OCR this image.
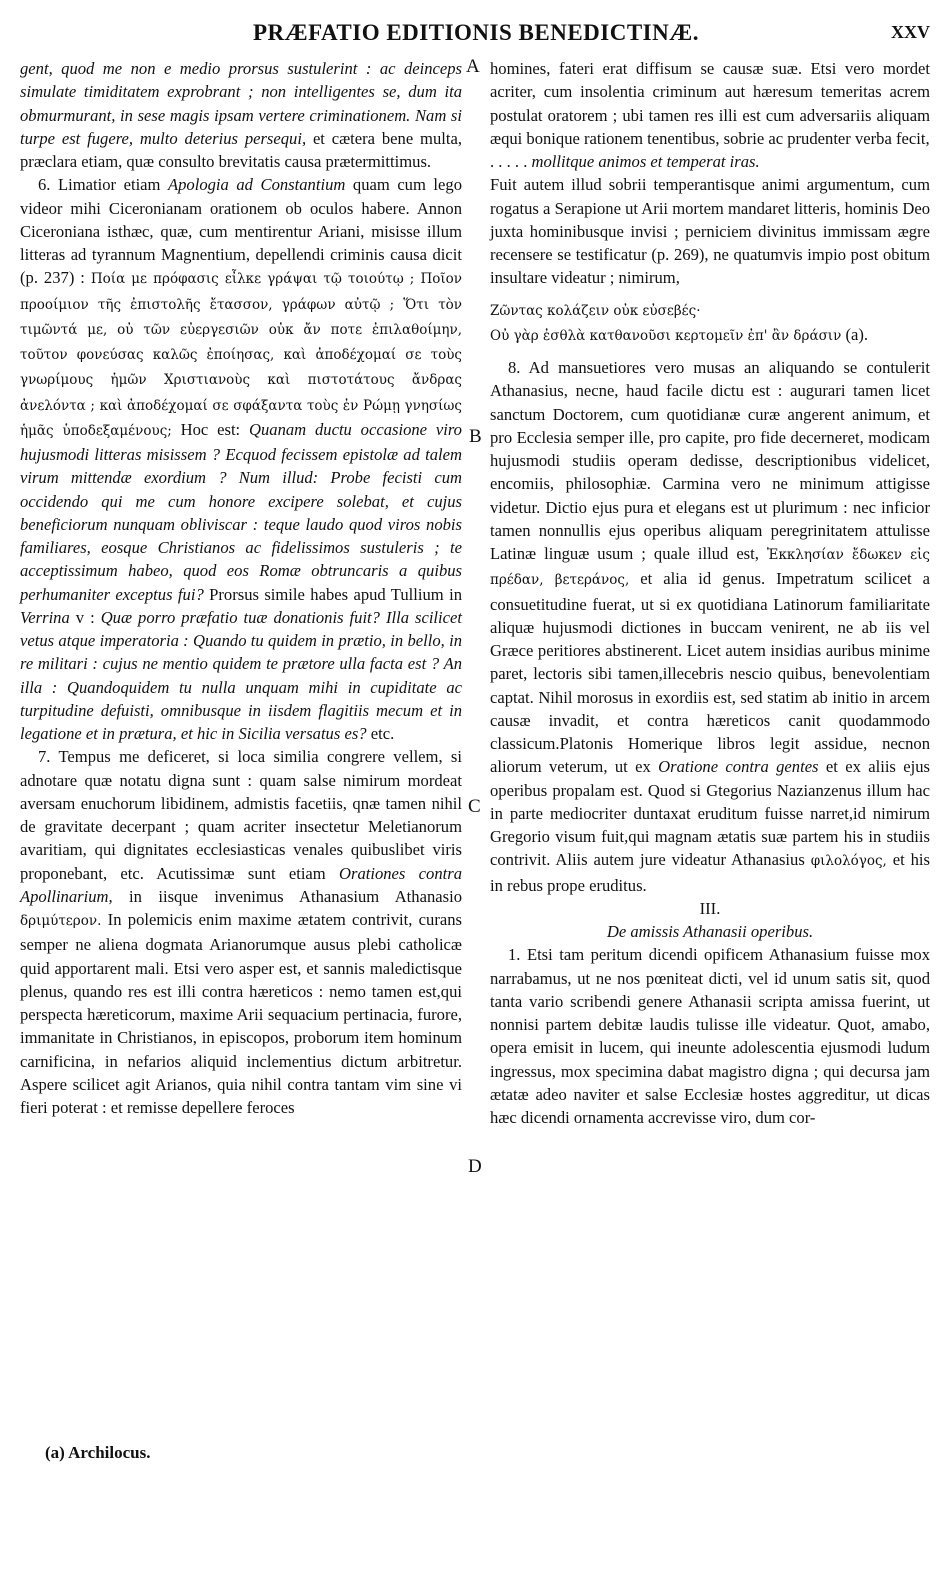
PRÆFATIO EDITIONIS BENEDICTINÆ.	XXV

gent, quod me non e medio prorsus sustulerint : ac deinceps simulate timiditatem exprobrant ; non intelligentes se, dum ita obmurmurant, in sese magis ipsam vertere criminationem. Nam si turpe est fugere, multo deterius persequi, et cætera bene multa, præclara etiam, quæ consulto brevitatis causa prætermittimus.

6. Limatior etiam Apologia ad Constantium quam cum lego videor mihi Ciceronianam orationem ob oculos habere. Annon Ciceroniana isthæc, quæ, cum mentirentur Ariani, misisse illum litteras ad tyrannum Magnentium, depellendi criminis causa dicit (p. 237) : Ποία με πρόφασις εἶλκε γράψαι τῷ τοιούτῳ ; Ποῖον προοίμιον τῆς ἐπιστολῆς ἔτασσον, γράφων αὐτῷ ; Ὅτι τὸν τιμῶντά με, οὐ τῶν εὐεργεσιῶν οὐκ ἄν ποτε ἐπιλαθοίμην, τοῦτον φονεύσας καλῶς ἐποίησας, καὶ ἀποδέχομαί σε τοὺς γνωρίμους ἡμῶν Χριστιανοὺς καὶ πιστοτάτους ἄνδρας ἀνελόντα ; καὶ ἀποδέχομαί σε σφάξαντα τοὺς ἐν Ρώμῃ γνησίως ἡμᾶς ὑποδεξαμένους; Hoc est: Quanam ductu occasione viro hujusmodi litteras misissem ? Ecquod fecissem epistolæ ad talem virum mittendæ exordium ? Num illud: Probe fecisti cum occidendo qui me cum honore excipere solebat, et cujus beneficiorum nunquam obliviscar : teque laudo quod viros nobis familiares, eosque Christianos ac fidelissimos sustuleris ; te acceptissimum habeo, quod eos Romæ obtruncaris a quibus perhumaniter exceptus fui? Prorsus simile habes apud Tullium in Verrina v : Quæ porro præfatio tuæ donationis fuit? Illa scilicet vetus atque imperatoria : Quando tu quidem in prætio, in bello, in re militari : cujus ne mentio quidem te prætore ulla facta est ? An illa : Quandoquidem tu nulla unquam mihi in cupiditate ac turpitudine defuisti, omnibusque in iisdem flagitiis mecum et in legatione et in prætura, et hic in Sicilia versatus es? etc.

7. Tempus me deficeret, si loca similia congrere vellem, si adnotare quæ notatu digna sunt : quam salse nimirum mordeat aversam enuchorum libidinem, admistis facetiis, qnæ tamen nihil de gravitate decerpant ; quam acriter insectetur Meletianorum avaritiam, qui dignitates ecclesiasticas venales quibuslibet viris proponebant, etc. Acutissimæ sunt etiam Orationes contra Apollinarium, in iisque invenimus Athanasium Athanasio δριμύτερον. In polemicis enim maxime ætatem contrivit, curans semper ne aliena dogmata Arianorumque ausus plebi catholicæ quid apportarent mali. Etsi vero asper est, et sannis maledictisque plenus, quando res est illi contra hæreticos : nemo tamen est,qui perspecta hæreticorum, maxime Arii sequacium pertinacia, furore, immanitate in Christianos, in episcopos, proborum item hominum carnificina, in nefarios aliquid inclementius dictum arbitretur. Aspere scilicet agit Arianos, quia nihil contra tantam vim sine vi fieri poterat : et remisse depellere feroces

A
B
C
D

homines, fateri erat diffisum se causæ suæ. Etsi vero mordet acriter, cum insolentia criminum aut hæresum temeritas acrem postulat oratorem ; ubi tamen res illi est cum adversariis aliquam æqui bonique rationem tenentibus, sobrie ac prudenter verba fecit,

. . . . . mollitque animos et temperat iras.

Fuit autem illud sobrii temperantisque animi argumentum, cum rogatus a Serapione ut Arii mortem mandaret litteris, hominis Deo juxta hominibusque invisi ; perniciem divinitus immissam ægre recensere se testificatur (p. 269), ne quatumvis impio post obitum insultare videatur ; nimirum,

Ζῶντας κολάζειν οὐκ εὐσεβές·

Οὐ γὰρ ἐσθλὰ κατθανοῦσι κερτομεῖν ἐπ' ἂν δράσιν (a).

8. Ad mansuetiores vero musas an aliquando se contulerit Athanasius, necne, haud facile dictu est : augurari tamen licet sanctum Doctorem, cum quotidianæ curæ angerent animum, et pro Ecclesia semper ille, pro capite, pro fide decerneret, modicam hujusmodi studiis operam dedisse, descriptionibus videlicet, encomiis, philosophiæ. Carmina vero ne minimum attigisse videtur. Dictio ejus pura et elegans est ut plurimum : nec inficior tamen nonnullis ejus operibus aliquam peregrinitatem attulisse Latinæ linguæ usum ; quale illud est, Ἐκκλησίαν ἔδωκεν εἰς πρέδαν, βετεράνος, et alia id genus. Impetratum scilicet a consuetitudine fuerat, ut si ex quotidiana Latinorum familiaritate aliquæ hujusmodi dictiones in buccam venirent, ne ab iis vel Græce peritiores abstinerent. Licet autem insidias auribus minime paret, lectoris sibi tamen,illecebris nescio quibus, benevolentiam captat. Nihil morosus in exordiis est, sed statim ab initio in arcem causæ invadit, et contra hæreticos canit quodammodo classicum.Platonis Homerique libros legit assidue, necnon aliorum veterum, ut ex Oratione contra gentes et ex aliis ejus operibus propalam est. Quod si Gtegorius Nazianzenus illum hac in parte mediocriter duntaxat eruditum fuisse narret,id nimirum Gregorio visum fuit,qui magnam ætatis suæ partem his in studiis contrivit. Aliis autem jure videatur Athanasius φιλολόγος, et his in rebus prope eruditus.

III.

De amissis Athanasii operibus.

1. Etsi tam peritum dicendi opificem Athanasium fuisse mox narrabamus, ut ne nos pœniteat dicti, vel id unum satis sit, quod tanta vario scribendi genere Athanasii scripta amissa fuerint, ut nonnisi partem debitæ laudis tulisse ille videatur. Quot, amabo, opera emisit in lucem, qui ineunte adolescentia ejusmodi ludum ingressus, mox specimina dabat magistro digna ; qui decursa jam ætatæ adeo naviter et salse Ecclesiæ hostes aggreditur, ut dicas hæc dicendi ornamenta accrevisse viro, dum cor-

(a) Archilocus.
